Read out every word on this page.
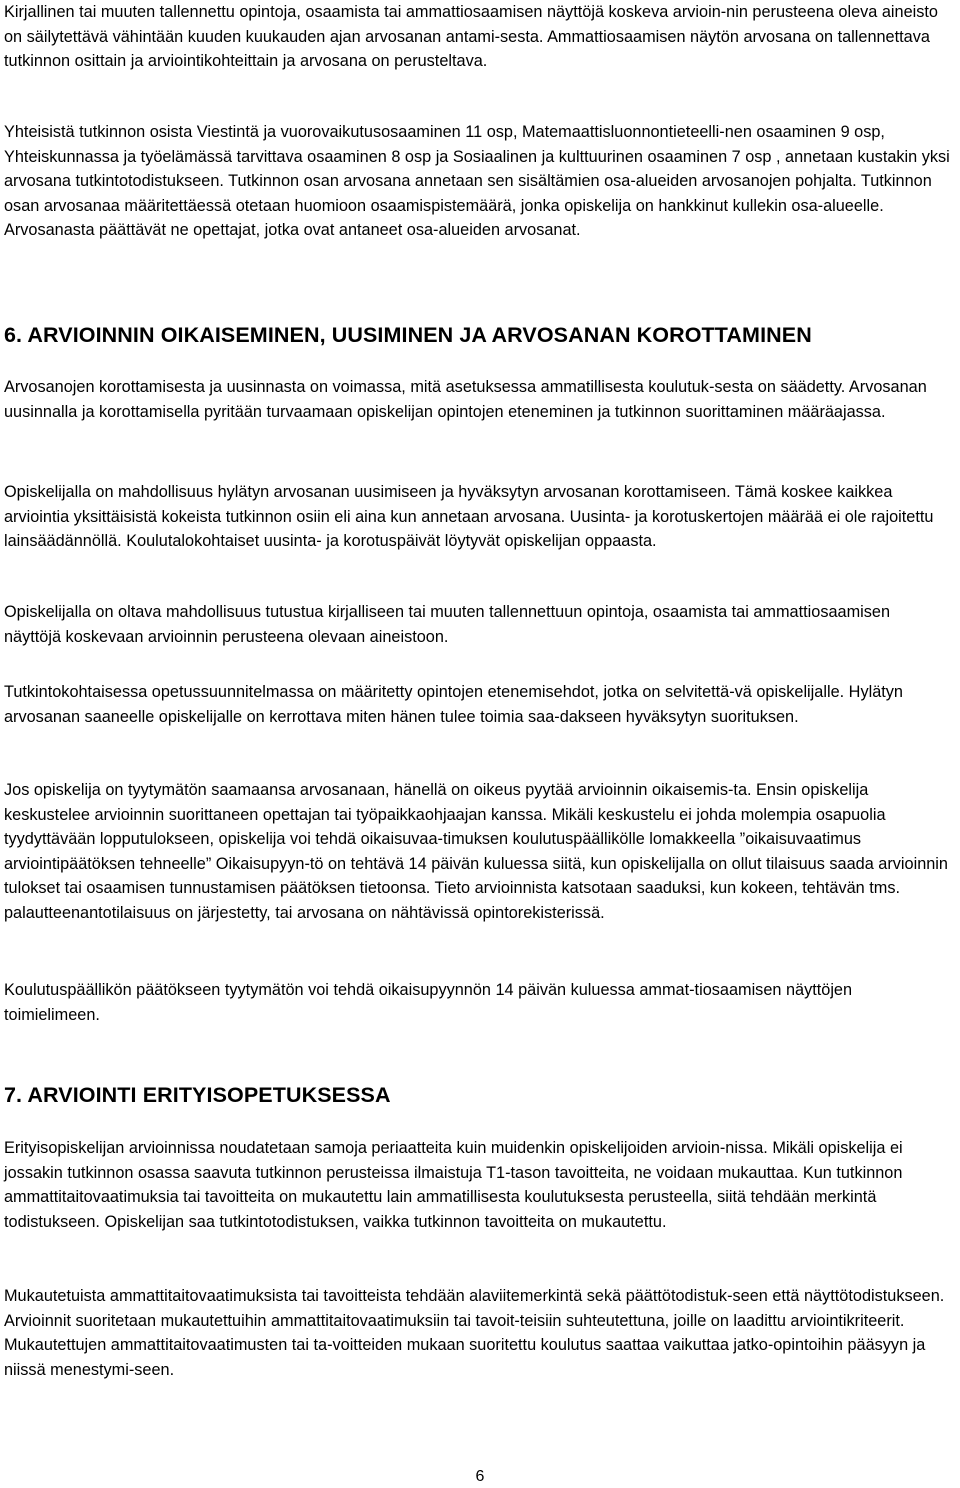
Kirjallinen tai muuten tallennettu opintoja, osaamista tai ammattiosaamisen näyttöjä koskeva arvioin-nin perusteena oleva aineisto on säilytettävä vähintään kuuden kuukauden ajan arvosanan antami-sesta. Ammattiosaamisen näytön arvosana on tallennettava tutkinnon osittain ja arviointikohteittain ja arvosana on perusteltava.

Yhteisistä tutkinnon osista Viestintä ja vuorovaikutusosaaminen 11 osp, Matemaattisluonnontieteelli-nen osaaminen 9 osp, Yhteiskunnassa ja työelämässä tarvittava osaaminen 8 osp ja Sosiaalinen ja kulttuurinen osaaminen 7 osp , annetaan kustakin yksi arvosana tutkintotodistukseen. Tutkinnon osan arvosana annetaan sen sisältämien osa-alueiden arvosanojen pohjalta. Tutkinnon osan arvosanaa määritettäessä otetaan huomioon osaamispistemäärä, jonka opiskelija on hankkinut kullekin osa-alueelle. Arvosanasta päättävät ne opettajat, jotka ovat antaneet osa-alueiden arvosanat.

6. ARVIOINNIN OIKAISEMINEN, UUSIMINEN JA ARVOSANAN KOROTTAMINEN

Arvosanojen korottamisesta ja uusinnasta on voimassa, mitä asetuksessa ammatillisesta koulutuk-sesta on säädetty. Arvosanan uusinnalla ja korottamisella pyritään turvaamaan opiskelijan opintojen eteneminen ja tutkinnon suorittaminen määräajassa.

Opiskelijalla on mahdollisuus hylätyn arvosanan uusimiseen ja hyväksytyn arvosanan korottamiseen. Tämä koskee kaikkea arviointia yksittäisistä kokeista tutkinnon osiin eli aina kun annetaan arvosana. Uusinta- ja korotuskertojen määrää ei ole rajoitettu lainsäädännöllä. Koulutalokohtaiset uusinta- ja korotuspäivät löytyvät opiskelijan oppaasta.

Opiskelijalla on oltava mahdollisuus tutustua kirjalliseen tai muuten tallennettuun opintoja, osaamista tai ammattiosaamisen näyttöjä koskevaan arvioinnin perusteena olevaan aineistoon.

Tutkintokohtaisessa opetussuunnitelmassa on määritetty opintojen etenemisehdot, jotka on selvitettä-vä opiskelijalle. Hylätyn arvosanan saaneelle opiskelijalle on kerrottava miten hänen tulee toimia saa-dakseen hyväksytyn suorituksen.

Jos opiskelija on tyytymätön saamaansa arvosanaan, hänellä on oikeus pyytää arvioinnin oikaisemis-ta. Ensin opiskelija keskustelee arvioinnin suorittaneen opettajan tai työpaikkaohjaajan kanssa. Mikäli keskustelu ei johda molempia osapuolia tyydyttävään lopputulokseen, opiskelija voi tehdä oikaisuvaa-timuksen koulutuspäällikölle lomakkeella ”oikaisuvaatimus arviointipäätöksen tehneelle” Oikaisupyyn-tö on tehtävä 14 päivän kuluessa siitä, kun opiskelijalla on ollut tilaisuus saada arvioinnin tulokset tai osaamisen tunnustamisen päätöksen tietoonsa. Tieto arvioinnista katsotaan saaduksi, kun kokeen, tehtävän tms. palautteenantotilaisuus on järjestetty, tai arvosana on nähtävissä opintorekisterissä.

Koulutuspäällikön päätökseen tyytymätön voi tehdä oikaisupyynnön 14 päivän kuluessa ammat-tiosaamisen näyttöjen toimielimeen.

7. ARVIOINTI ERITYISOPETUKSESSA

Erityisopiskelijan arvioinnissa noudatetaan samoja periaatteita kuin muidenkin opiskelijoiden arvioin-nissa. Mikäli opiskelija ei jossakin tutkinnon osassa saavuta tutkinnon perusteissa ilmaistuja T1-tason tavoitteita, ne voidaan mukauttaa. Kun tutkinnon ammattitaitovaatimuksia tai tavoitteita on mukautettu lain ammatillisesta koulutuksesta perusteella, siitä tehdään merkintä todistukseen. Opiskelijan saa tutkintotodistuksen, vaikka tutkinnon tavoitteita on mukautettu.

Mukautetuista ammattitaitovaatimuksista tai tavoitteista tehdään alaviitemerkintä sekä päättötodistuk-seen että näyttötodistukseen. Arvioinnit suoritetaan mukautettuihin ammattitaitovaatimuksiin tai tavoit-teisiin suhteutettuna, joille on laadittu arviointikriteerit. Mukautettujen ammattitaitovaatimusten tai ta-voitteiden mukaan suoritettu koulutus saattaa vaikuttaa jatko-opintoihin pääsyyn ja niissä menestymi-seen.

6
